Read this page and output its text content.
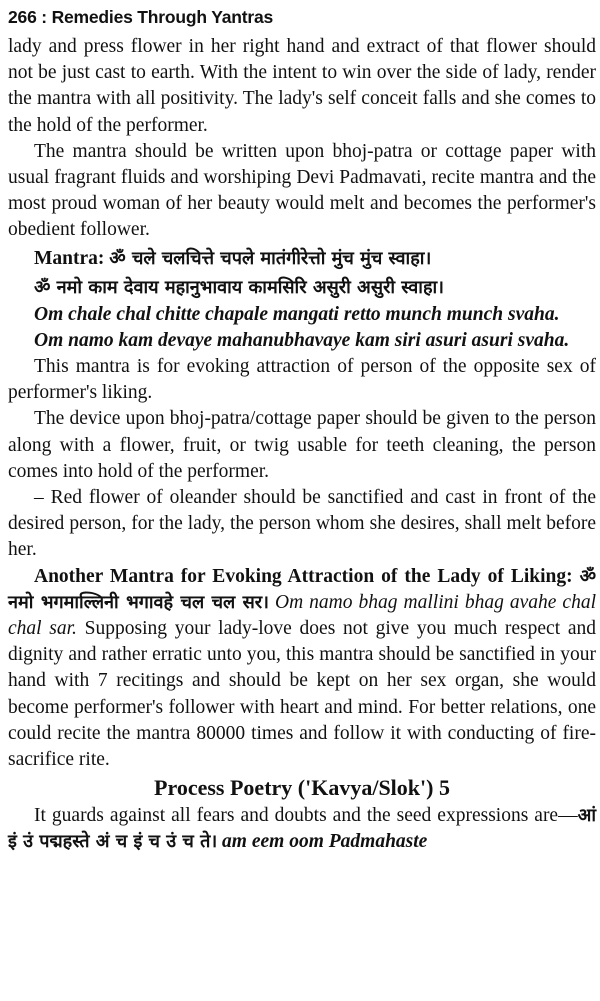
266 : Remedies Through Yantras

lady and press flower in her right hand and extract of that flower should not be just cast to earth. With the intent to win over the side of lady, render the mantra with all positivity. The lady's self conceit falls and she comes to the hold of the performer.

The mantra should be written upon bhoj-patra or cottage paper with usual fragrant fluids and worshiping Devi Padmavati, recite mantra and the most proud woman of her beauty would melt and becomes the performer's obedient follower.

Mantra: ॐ चले चलचित्ते चपले मातंगीरेत्तो मुंच मुंच स्वाहा।

ॐ नमो काम देवाय महानुभावाय कामसिरि असुरी असुरी स्वाहा।

Om chale chal chitte chapale mangati retto munch munch svaha.

Om namo kam devaye mahanubhavaye kam siri asuri asuri svaha.

This mantra is for evoking attraction of person of the opposite sex of performer's liking.

The device upon bhoj-patra/cottage paper should be given to the person along with a flower, fruit, or twig usable for teeth cleaning, the person comes into hold of the performer.

– Red flower of oleander should be sanctified and cast in front of the desired person, for the lady, the person whom she desires, shall melt before her.

Another Mantra for Evoking Attraction of the Lady of Liking: ॐ नमो भगमाल्लिनी भगावहे चल चल सर। Om namo bhag mallini bhag avahe chal chal sar. Supposing your lady-love does not give you much respect and dignity and rather erratic unto you, this mantra should be sanctified in your hand with 7 recitings and should be kept on her sex organ, she would become performer's follower with heart and mind. For better relations, one could recite the mantra 80000 times and follow it with conducting of fire-sacrifice rite.

Process Poetry ('Kavya/Slok') 5

It guards against all fears and doubts and the seed expressions are—आं इं उं पद्महस्ते अं च इं च उं च ते। am eem oom Padmahaste
